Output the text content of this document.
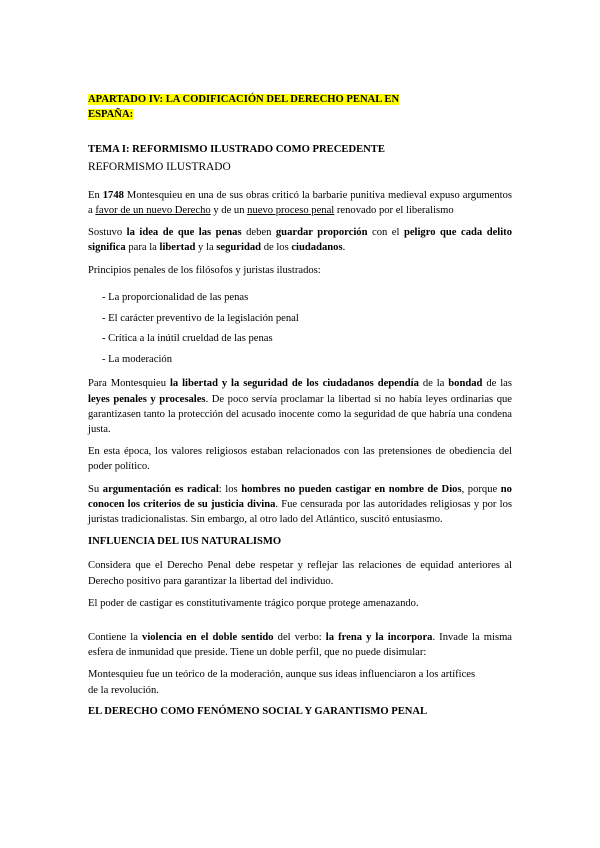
APARTADO IV: LA CODIFICACIÓN DEL DERECHO PENAL EN
ESPAÑA:

TEMA I: REFORMISMO ILUSTRADO COMO PRECEDENTE

REFORMISMO ILUSTRADO

En 1748 Montesquieu en una de sus obras criticó la barbarie punitiva medieval expuso argumentos a favor de un nuevo Derecho y de un nuevo proceso penal renovado por el liberalismo

Sostuvo la idea de que las penas deben guardar proporción con el peligro que cada delito significa para la libertad y la seguridad de los ciudadanos.

Principios penales de los filósofos y juristas ilustrados:

- La proporcionalidad de las penas
- El carácter preventivo de la legislación penal
- Crítica a la inútil crueldad de las penas
- La moderación

Para Montesquieu la libertad y la seguridad de los ciudadanos dependía de la bondad de las leyes penales y procesales. De poco servía proclamar la libertad si no había leyes ordinarias que garantizasen tanto la protección del acusado inocente como la seguridad de que habría una condena justa.

En esta época, los valores religiosos estaban relacionados con las pretensiones de obediencia del poder político.

Su argumentación es radical: los hombres no pueden castigar en nombre de Dios, porque no conocen los criterios de su justicia divina. Fue censurada por las autoridades religiosas y por los juristas tradicionalistas. Sin embargo, al otro lado del Atlántico, suscitó entusiasmo.

INFLUENCIA DEL IUS NATURALISMO

Considera que el Derecho Penal debe respetar y reflejar las relaciones de equidad anteriores al Derecho positivo para garantizar la libertad del individuo.

El poder de castigar es constitutivamente trágico porque protege amenazando.

Contiene la violencia en el doble sentido del verbo: la frena y la incorpora. Invade la misma esfera de inmunidad que preside. Tiene un doble perfil, que no puede disimular:

Montesquieu fue un teórico de la moderación, aunque sus ideas influenciaron a los artífices
de la revolución.

EL DERECHO COMO FENÓMENO SOCIAL Y GARANTISMO PENAL
